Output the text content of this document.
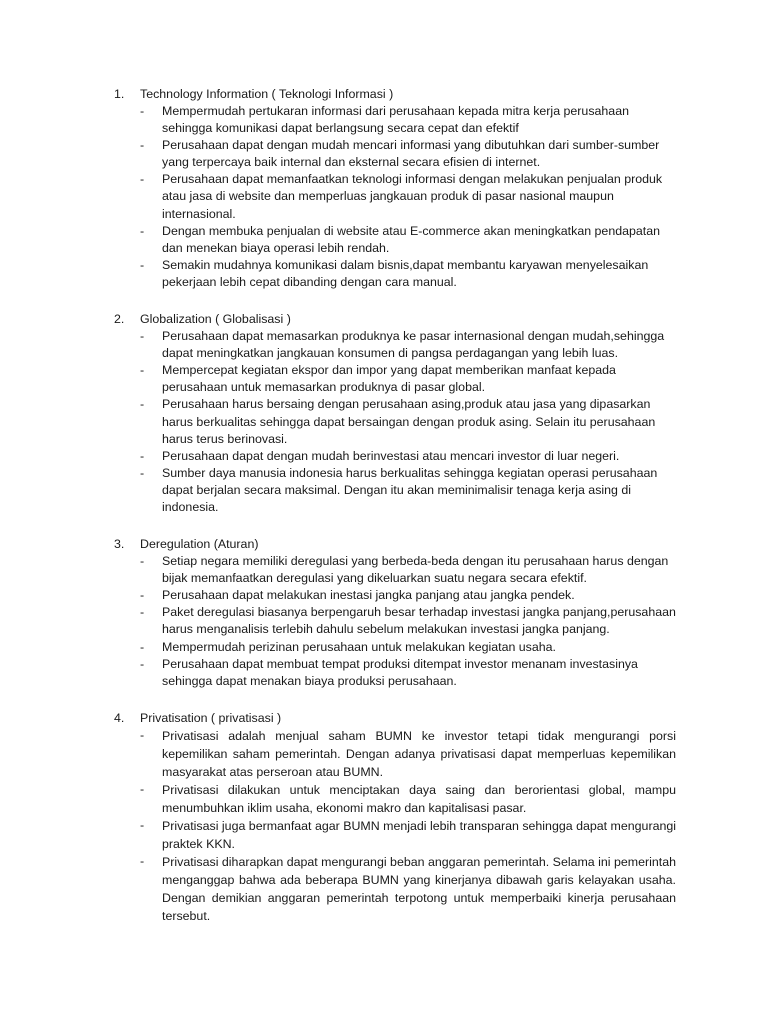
1.	Technology Information ( Teknologi Informasi )
-	Mempermudah pertukaran informasi dari perusahaan kepada mitra kerja perusahaan sehingga komunikasi dapat berlangsung secara cepat dan efektif
-	Perusahaan dapat dengan mudah mencari informasi yang dibutuhkan dari sumber-sumber yang terpercaya baik internal dan eksternal secara efisien di internet.
-	Perusahaan dapat memanfaatkan teknologi informasi dengan melakukan penjualan produk atau jasa di website dan memperluas jangkauan produk di pasar nasional maupun internasional.
-	Dengan membuka penjualan di website atau E-commerce akan meningkatkan pendapatan dan menekan biaya operasi lebih rendah.
-	Semakin mudahnya komunikasi dalam bisnis,dapat membantu karyawan menyelesaikan pekerjaan lebih cepat dibanding dengan cara manual.
2.	Globalization ( Globalisasi )
-	Perusahaan dapat memasarkan produknya ke pasar internasional dengan mudah,sehingga dapat meningkatkan jangkauan konsumen di pangsa perdagangan yang lebih luas.
-	Mempercepat kegiatan ekspor dan impor yang dapat memberikan manfaat kepada perusahaan untuk memasarkan produknya di pasar global.
-	Perusahaan harus bersaing dengan perusahaan asing,produk atau jasa yang dipasarkan harus berkualitas sehingga dapat bersaingan dengan produk asing. Selain itu perusahaan harus terus berinovasi.
-	Perusahaan dapat dengan mudah berinvestasi atau mencari investor di luar negeri.
-	Sumber daya manusia indonesia harus berkualitas sehingga kegiatan operasi perusahaan dapat berjalan secara maksimal. Dengan itu akan meminimalisir tenaga kerja asing di indonesia.
3.	Deregulation (Aturan)
-	Setiap negara memiliki deregulasi yang berbeda-beda dengan itu perusahaan harus dengan bijak memanfaatkan deregulasi yang dikeluarkan suatu negara secara efektif.
-	Perusahaan dapat melakukan inestasi jangka panjang atau jangka pendek.
-	Paket deregulasi biasanya berpengaruh besar terhadap investasi jangka panjang,perusahaan harus menganalisis terlebih dahulu sebelum melakukan investasi jangka panjang.
-	Mempermudah perizinan perusahaan untuk melakukan kegiatan usaha.
-	Perusahaan dapat membuat tempat produksi ditempat investor menanam investasinya sehingga dapat menakan biaya produksi perusahaan.
4.	Privatisation ( privatisasi )
-	Privatisasi adalah menjual saham BUMN ke investor tetapi tidak mengurangi porsi kepemilikan saham pemerintah. Dengan adanya privatisasi dapat memperluas kepemilikan masyarakat atas perseroan atau BUMN.
-	Privatisasi dilakukan untuk menciptakan daya saing dan berorientasi global, mampu menumbuhkan iklim usaha, ekonomi makro dan kapitalisasi pasar.
-	Privatisasi juga bermanfaat agar BUMN menjadi lebih transparan sehingga dapat mengurangi praktek KKN.
-	Privatisasi diharapkan dapat mengurangi beban anggaran pemerintah. Selama ini pemerintah menganggap bahwa ada beberapa BUMN yang kinerjanya dibawah garis kelayakan usaha. Dengan demikian anggaran pemerintah terpotong untuk memperbaiki kinerja perusahaan tersebut.
